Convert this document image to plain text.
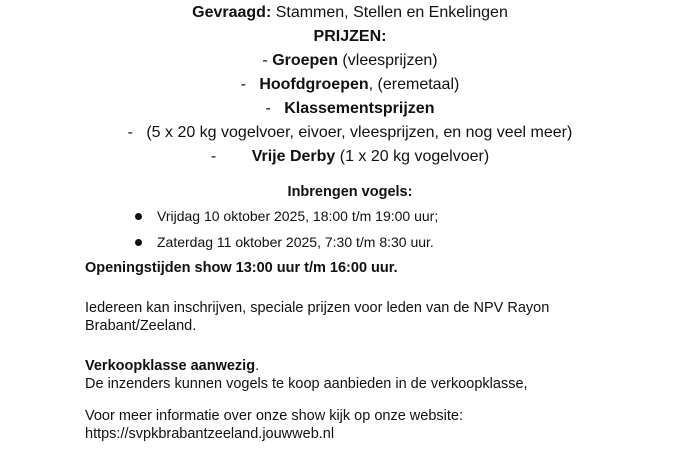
Gevraagd: Stammen, Stellen en Enkelingen
PRIJZEN:
- Groepen (vleesprijzen)
-   Hoofdgroepen, (eremetaal)
-   Klassementsprijzen
-   (5 x 20 kg vogelvoer, eivoer, vleesprijzen, en nog veel meer)
-        Vrije Derby (1 x 20 kg vogelvoer)
Inbrengen vogels:
Vrijdag 10 oktober 2025, 18:00 t/m 19:00 uur;
Zaterdag 11 oktober 2025, 7:30 t/m 8:30 uur.
Openingstijden show 13:00 uur t/m 16:00 uur.
Iedereen kan inschrijven, speciale prijzen voor leden van de NPV Rayon
Brabant/Zeeland.
Verkoopklasse aanwezig.
De inzenders kunnen vogels te koop aanbieden in de verkoopklasse,
Voor meer informatie over onze show kijk op onze website:
https://svpkbrabantzeeland.jouwweb.nl
